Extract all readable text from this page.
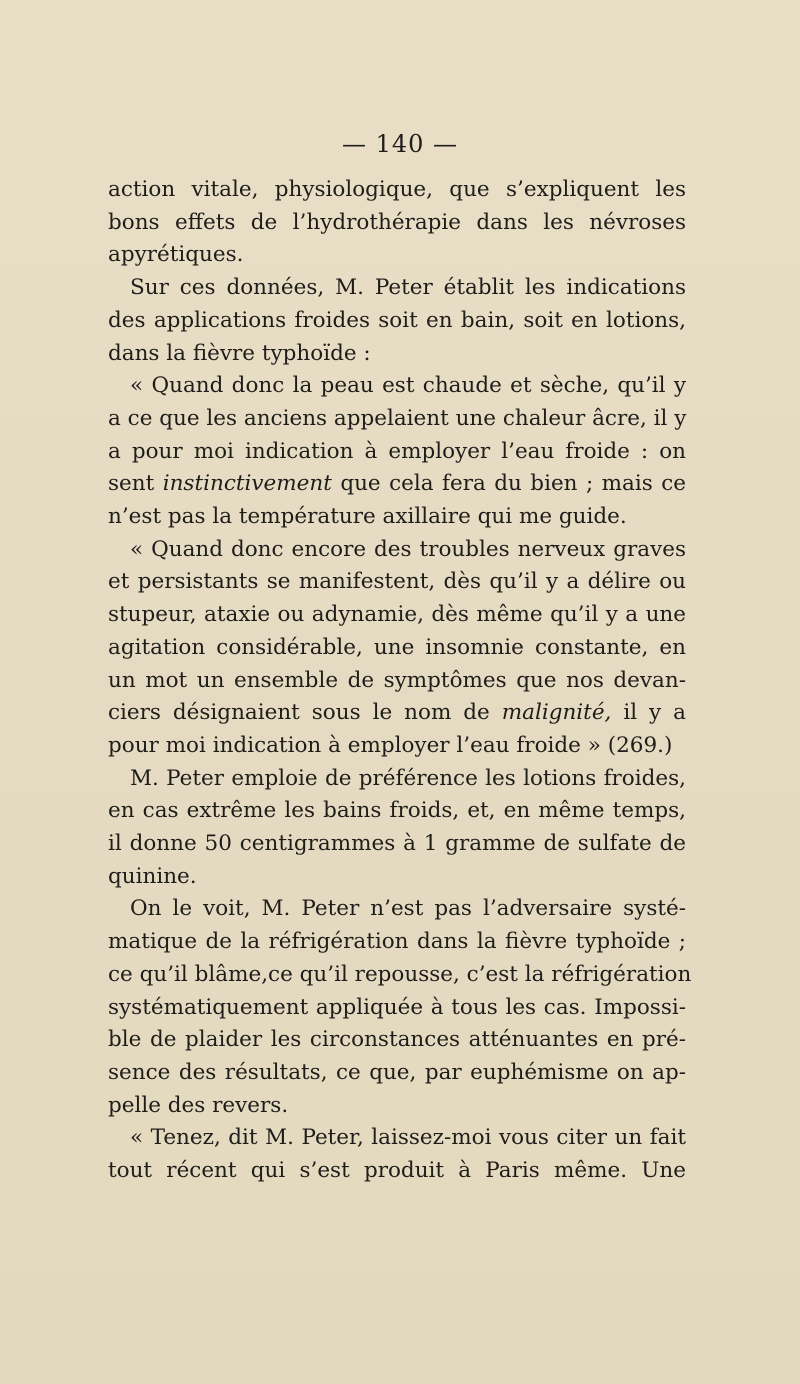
— 140 —
action vitale, physiologique, que s’expliquent les
bons effets de l’hydrothérapie dans les névroses
apyrétiques.
Sur ces données, M. Peter établit les indications
des applications froides soit en bain, soit en lotions,
dans la fièvre typhoïde :
« Quand donc la peau est chaude et sèche, qu’il y
a ce que les anciens appelaient une chaleur âcre, il y
a pour moi indication à employer l’eau froide : on
sent instinctivement que cela fera du bien ; mais ce
n’est pas la température axillaire qui me guide.
« Quand donc encore des troubles nerveux graves
et persistants se manifestent, dès qu’il y a délire ou
stupeur, ataxie ou adynamie, dès même qu’il y a une
agitation considérable, une insomnie constante, en
un mot un ensemble de symptômes que nos devan-
ciers désignaient sous le nom de malignité, il y a
pour moi indication à employer l’eau froide » (269.)
M. Peter emploie de préférence les lotions froides,
en cas extrême les bains froids, et, en même temps,
il donne 50 centigrammes à 1 gramme de sulfate de
quinine.
On le voit, M. Peter n’est pas l’adversaire systé-
matique de la réfrigération dans la fièvre typhoïde ;
ce qu’il blâme,ce qu’il repousse, c’est la réfrigération
systématiquement appliquée à tous les cas. Impossi-
ble de plaider les circonstances atténuantes en pré-
sence des résultats, ce que, par euphémisme on ap-
pelle des revers.
« Tenez, dit M. Peter, laissez-moi vous citer un fait
tout récent qui s’est produit à Paris même. Une
